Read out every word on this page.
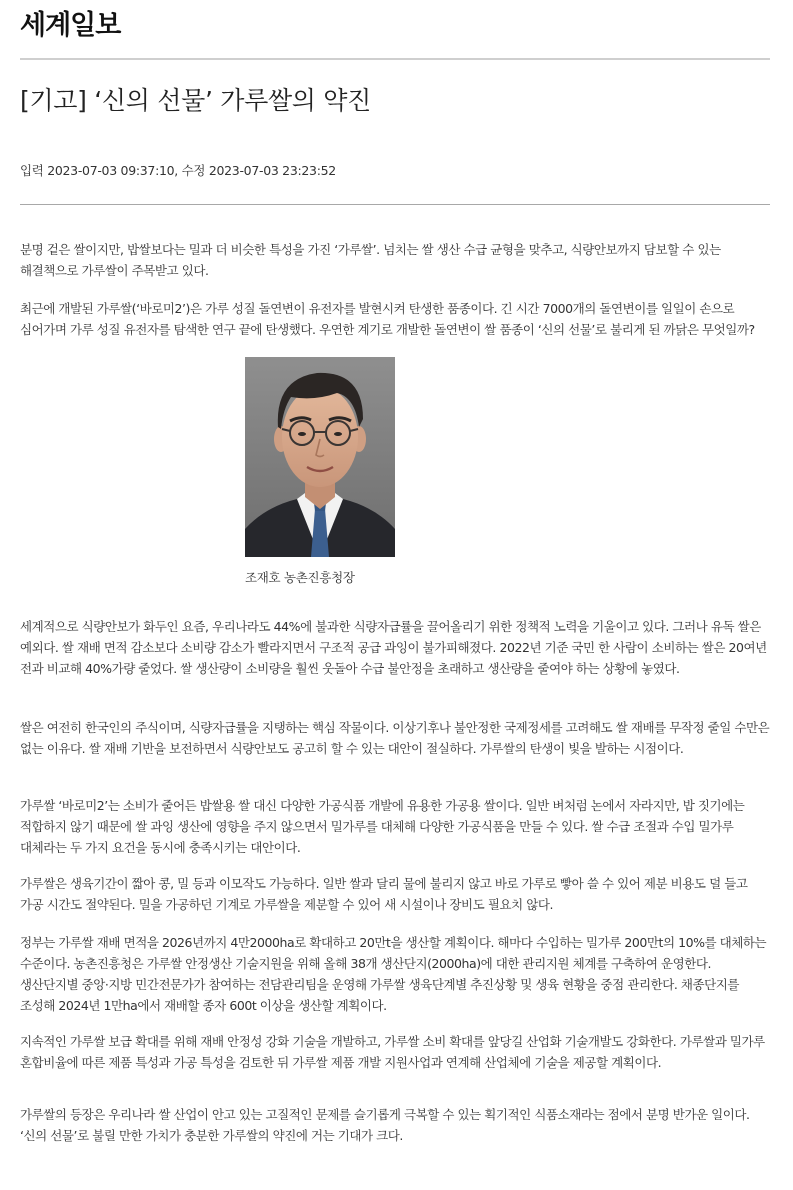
세계일보
[기고] ‘신의 선물’ 가루쌀의 약진
입력 2023-07-03 09:37:10, 수정 2023-07-03 23:23:52

분명 겉은 쌀이지만, 밥쌀보다는 밀과 더 비슷한 특성을 가진 ‘가루쌀’. 넘치는 쌀 생산 수급 균형을 맞추고, 식량안보까지 담보할 수 있는 해결책으로 가루쌀이 주목받고 있다.

최근에 개발된 가루쌀(‘바로미2’)은 가루 성질 돌연변이 유전자를 발현시켜 탄생한 품종이다. 긴 시간 7000개의 돌연변이를 일일이 손으로 심어가며 가루 성질 유전자를 탐색한 연구 끝에 탄생했다. 우연한 계기로 개발한 돌연변이 쌀 품종이 ‘신의 선물’로 불리게 된 까닭은 무엇일까?

조재호 농촌진흥청장

세계적으로 식량안보가 화두인 요즘, 우리나라도 44%에 불과한 식량자급률을 끌어올리기 위한 정책적 노력을 기울이고 있다. 그러나 유독 쌀은 예외다. 쌀 재배 면적 감소보다 소비량 감소가 빨라지면서 구조적 공급 과잉이 불가피해졌다. 2022년 기준 국민 한 사람이 소비하는 쌀은 20여년 전과 비교해 40%가량 줄었다. 쌀 생산량이 소비량을 훨씬 웃돌아 수급 불안정을 초래하고 생산량을 줄여야 하는 상황에 놓였다.

쌀은 여전히 한국인의 주식이며, 식량자급률을 지탱하는 핵심 작물이다. 이상기후나 불안정한 국제정세를 고려해도 쌀 재배를 무작정 줄일 수만은 없는 이유다. 쌀 재배 기반을 보전하면서 식량안보도 공고히 할 수 있는 대안이 절실하다. 가루쌀의 탄생이 빛을 발하는 시점이다.

가루쌀 ‘바로미2’는 소비가 줄어든 밥쌀용 쌀 대신 다양한 가공식품 개발에 유용한 가공용 쌀이다. 일반 벼처럼 논에서 자라지만, 밥 짓기에는 적합하지 않기 때문에 쌀 과잉 생산에 영향을 주지 않으면서 밀가루를 대체해 다양한 가공식품을 만들 수 있다. 쌀 수급 조절과 수입 밀가루 대체라는 두 가지 요건을 동시에 충족시키는 대안이다.

가루쌀은 생육기간이 짧아 콩, 밀 등과 이모작도 가능하다. 일반 쌀과 달리 물에 불리지 않고 바로 가루로 빻아 쓸 수 있어 제분 비용도 덜 들고 가공 시간도 절약된다. 밀을 가공하던 기계로 가루쌀을 제분할 수 있어 새 시설이나 장비도 필요치 않다.

정부는 가루쌀 재배 면적을 2026년까지 4만2000ha로 확대하고 20만t을 생산할 계획이다. 해마다 수입하는 밀가루 200만t의 10%를 대체하는 수준이다. 농촌진흥청은 가루쌀 안정생산 기술지원을 위해 올해 38개 생산단지(2000ha)에 대한 관리지원 체계를 구축하여 운영한다. 생산단지별 중앙·지방 민간전문가가 참여하는 전담관리팀을 운영해 가루쌀 생육단계별 추진상황 및 생육 현황을 중점 관리한다. 채종단지를 조성해 2024년 1만ha에서 재배할 종자 600t 이상을 생산할 계획이다.

지속적인 가루쌀 보급 확대를 위해 재배 안정성 강화 기술을 개발하고, 가루쌀 소비 확대를 앞당길 산업화 기술개발도 강화한다. 가루쌀과 밀가루 혼합비율에 따른 제품 특성과 가공 특성을 검토한 뒤 가루쌀 제품 개발 지원사업과 연계해 산업체에 기술을 제공할 계획이다.

가루쌀의 등장은 우리나라 쌀 산업이 안고 있는 고질적인 문제를 슬기롭게 극복할 수 있는 획기적인 식품소재라는 점에서 분명 반가운 일이다. ‘신의 선물’로 불릴 만한 가치가 충분한 가루쌀의 약진에 거는 기대가 크다.
